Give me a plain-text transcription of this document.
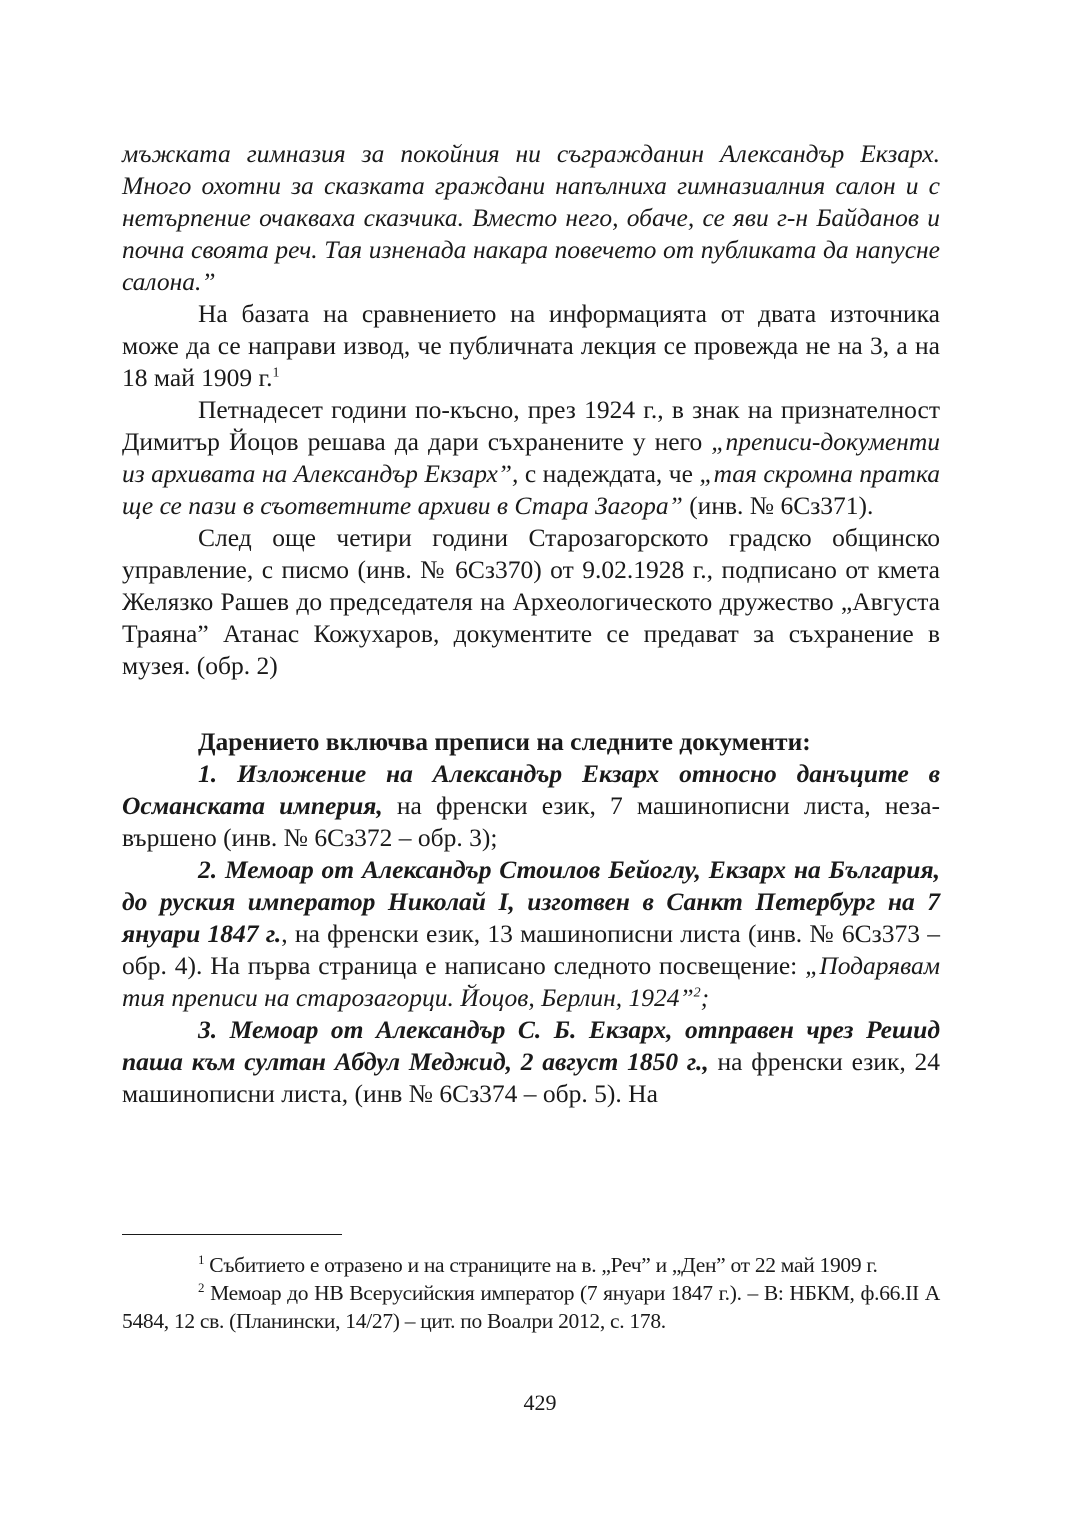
мъжката гимназия за покойния ни съгражданин Александър Екзарх. Много охотни за сказката граждани напълниха гимназиалния салон и с нетърпение очакваха сказчика. Вместо него, обаче, се яви г-н Байданов и почна своята реч. Тая изненада накара повечето от публиката да напусне салона.”

На базата на сравнението на информацията от двата източника може да се направи извод, че публичната лекция се провежда не на 3, а на 18 май 1909 г.$^1$

Петнадесет години по-късно, през 1924 г., в знак на признателност Димитър Йоцов решава да дари съхранените у него „преписи-документи из архивата на Александър Екзарх”, с надеждата, че „тая скромна пратка ще се пази в съответните архиви в Стара Загора” (инв. № 6Сз371).

След още четири години Старозагорското градско общинско управление, с писмо (инв. № 6Сз370) от 9.02.1928 г., подписано от кмета Желязко Рашев до председателя на Археологическото дружество „Августа Траяна” Атанас Кожухаров, документите се предават за съхранение в музея. (обр. 2)

Дарението включва преписи на следните документи:

1. Изложение на Александър Екзарх относно данъците в Османската империя, на френски език, 7 машинописни листа, незавършено (инв. № 6Сз372 – обр. 3);

2. Мемоар от Александър Стоилов Бейоглу, Екзарх на България, до руския император Николай I, изготвен в Санкт Петербург на 7 януари 1847 г., на френски език, 13 машинописни листа (инв. № 6Сз373 – обр. 4). На първа страница е написано следното посвещение: „Подарявам тия преписи на старозагорци. Йоцов, Берлин, 1924”$^2$;

3. Мемоар от Александър С. Б. Екзарх, отправен чрез Решид паша към султан Абдул Меджид, 2 август 1850 г., на френски език, 24 машинописни листа, (инв № 6Сз374 – обр. 5). На

$^1$ Събитието е отразено и на страниците на в. „Реч” и „Ден” от 22 май 1909 г.

$^2$ Мемоар до НВ Всерусийския император (7 януари 1847 г.). – В: НБКМ, ф.66.II А 5484, 12 св. (Планински, 14/27) – цит. по Воалри 2012, с. 178.

429
